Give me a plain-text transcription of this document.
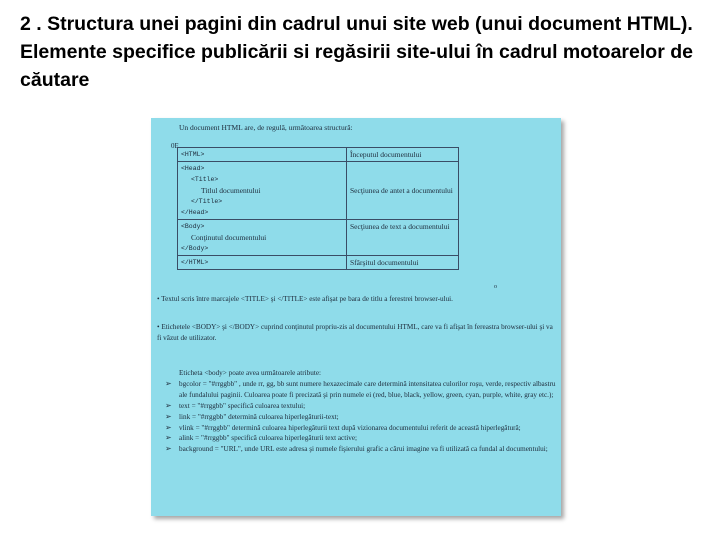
2 . Structura unei pagini din cadrul unui site web (unui document HTML). Elemente specifice publicării si regăsirii site-ului în cadrul motoarelor de căutare
Un document HTML are, de regulă, următoarea structură:
0E
<HTML>	Începutul documentului

<Head>
<Title>
Titlul documentului
</Title>
</Head>	Secţiunea de antet a documentului

<Body>
Conţinutul documentului
</Body>	Secţiunea de text a documentului

</HTML>	Sfârşitul documentului
o
• Textul scris între marcajele <TITLE> şi </TITLE> este afişat pe bara de titlu a ferestrei browser-ului.
• Etichetele <BODY> şi </BODY> cuprind conţinutul propriu-zis al documentului HTML, care va fi afişat în fereastra browser-ului şi va fi văzut de utilizator.
Eticheta <body> poate avea următoarele atribute:
➢	bgcolor = "#rrggbb" , unde rr, gg, bb sunt numere hexazecimale care determină intensitatea culorilor roşu, verde, respectiv albastru ale fundalului paginii. Culoarea poate fi precizată şi prin numele ei (red, blue, black, yellow, green, cyan, purple, white, gray etc.);
➢	text = "#rrggbb" specifică culoarea textului;
➢	link = "#rrggbb" determină culoarea hiperlegăturii-text;
➢	vlink = "#rrggbb" determină culoarea hiperlegăturii text după vizionarea documentului referit de această hiperlegătură;
➢	alink = "#rrggbb" specifică culoarea hiperlegăturii text active;
➢	background = "URL", unde URL este adresa şi numele fişierului grafic a cărui imagine va fi utilizată ca fundal al documentului;
